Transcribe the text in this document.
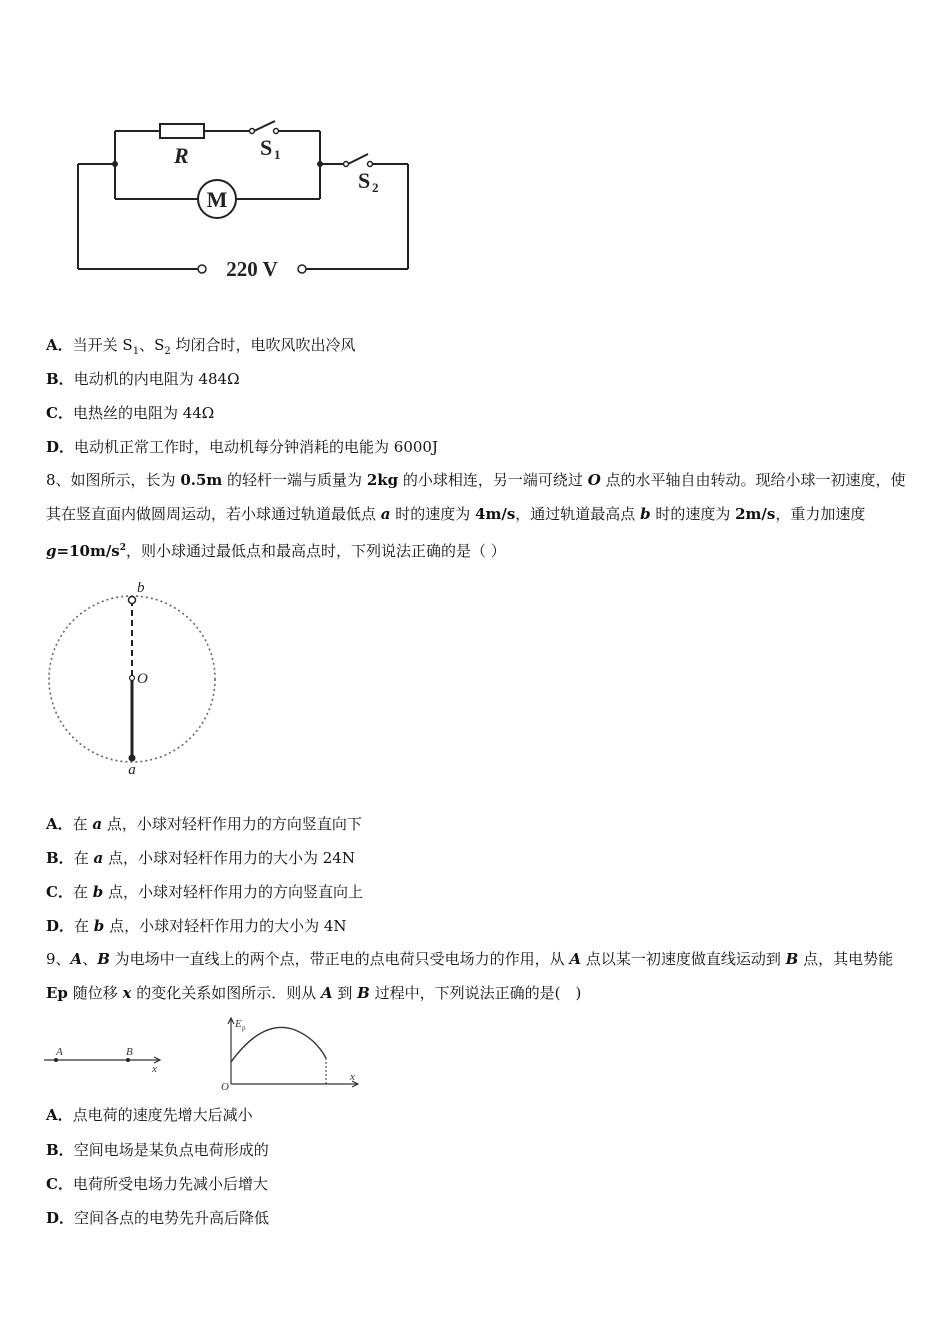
R	S 1
S 2
M
220 V
A．当开关 $S_1$、$S_2$ 均闭合时，电吹风吹出冷风
B．电动机的内电阻为 484Ω
C．电热丝的电阻为 44Ω
D．电动机正常工作时，电动机每分钟消耗的电能为 6000J
8、如图所示，长为 0.5m 的轻杆一端与质量为 2kg 的小球相连，另一端可绕过 O 点的水平轴自由转动。现给小球一初速度，使其在竖直面内做圆周运动，若小球通过轨道最低点 a 时的速度为 4m/s，通过轨道最高点 b 时的速度为 2m/s，重力加速度 $g=10m/s^2$，则小球通过最低点和最高点时，下列说法正确的是（ ）
b
O
a
A．在 a 点，小球对轻杆作用力的方向竖直向下
B．在 a 点，小球对轻杆作用力的大小为 24N
C．在 b 点，小球对轻杆作用力的方向竖直向上
D．在 b 点，小球对轻杆作用力的大小为 4N
9、A、B 为电场中一直线上的两个点，带正电的点电荷只受电场力的作用，从 A 点以某一初速度做直线运动到 B 点，其电势能 Ep 随位移 x 的变化关系如图所示．则从 A 到 B 过程中，下列说法正确的是(　)
A	B
x
E p
O
x
A．点电荷的速度先增大后减小
B．空间电场是某负点电荷形成的
C．电荷所受电场力先减小后增大
D．空间各点的电势先升高后降低
